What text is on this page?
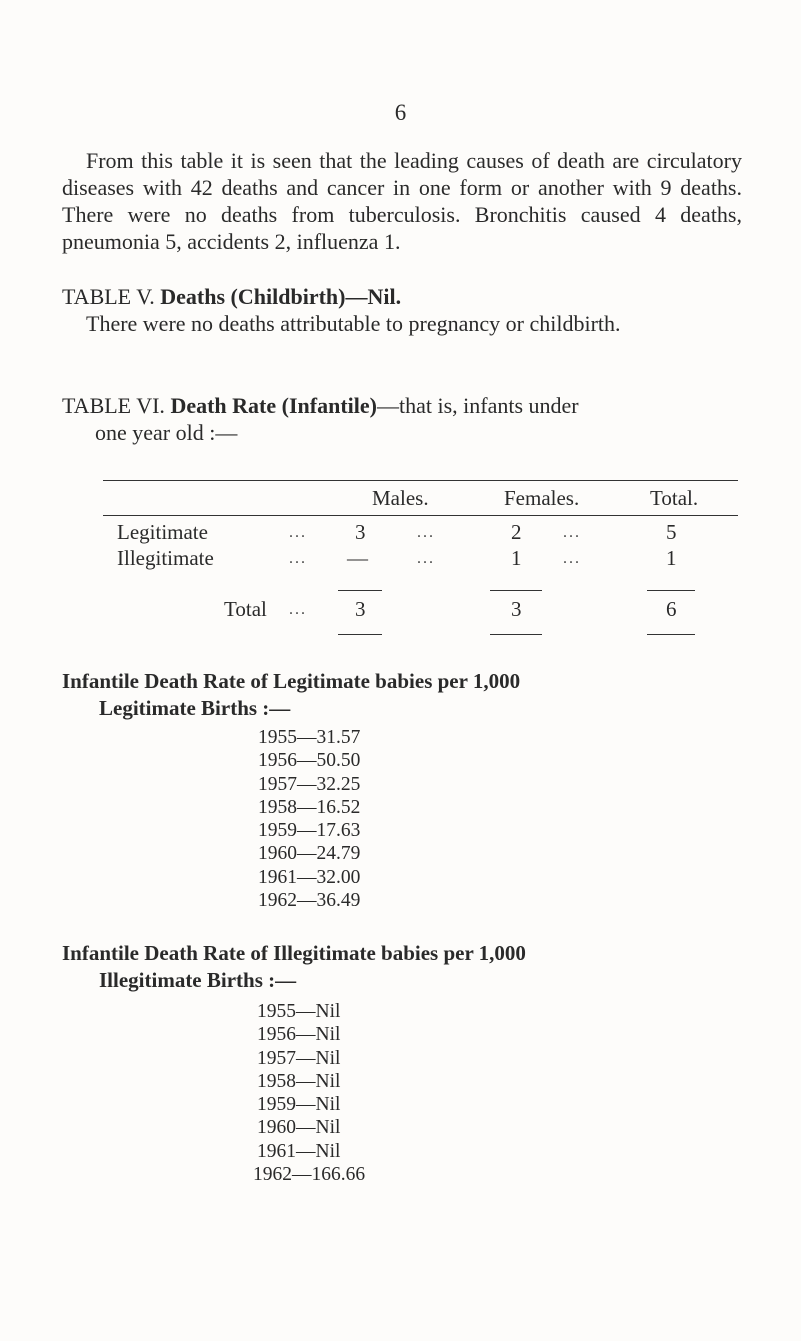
6

From this table it is seen that the leading causes of death are circulatory diseases with 42 deaths and cancer in one form or another with 9 deaths. There were no deaths from tuberculosis. Bronchitis caused 4 deaths, pneumonia 5, accidents 2, influenza 1.

TABLE V. Deaths (Childbirth)—Nil.

There were no deaths attributable to pregnancy or childbirth.

TABLE VI. Death Rate (Infantile)—that is, infants under
one year old :—
Males.	Females.	Total.
Legitimate	... 3	...	2	...	5
Illegitimate	... —	...	1	...	1
Total ... 3	3	6
Infantile Death Rate of Legitimate babies per 1,000
Legitimate Births :—
1955—31.57
1956—50.50
1957—32.25
1958—16.52
1959—17.63
1960—24.79
1961—32.00
1962—36.49
Infantile Death Rate of Illegitimate babies per 1,000
Illegitimate Births :—
1955—Nil
1956—Nil
1957—Nil
1958—Nil
1959—Nil
1960—Nil
1961—Nil
1962—166.66
